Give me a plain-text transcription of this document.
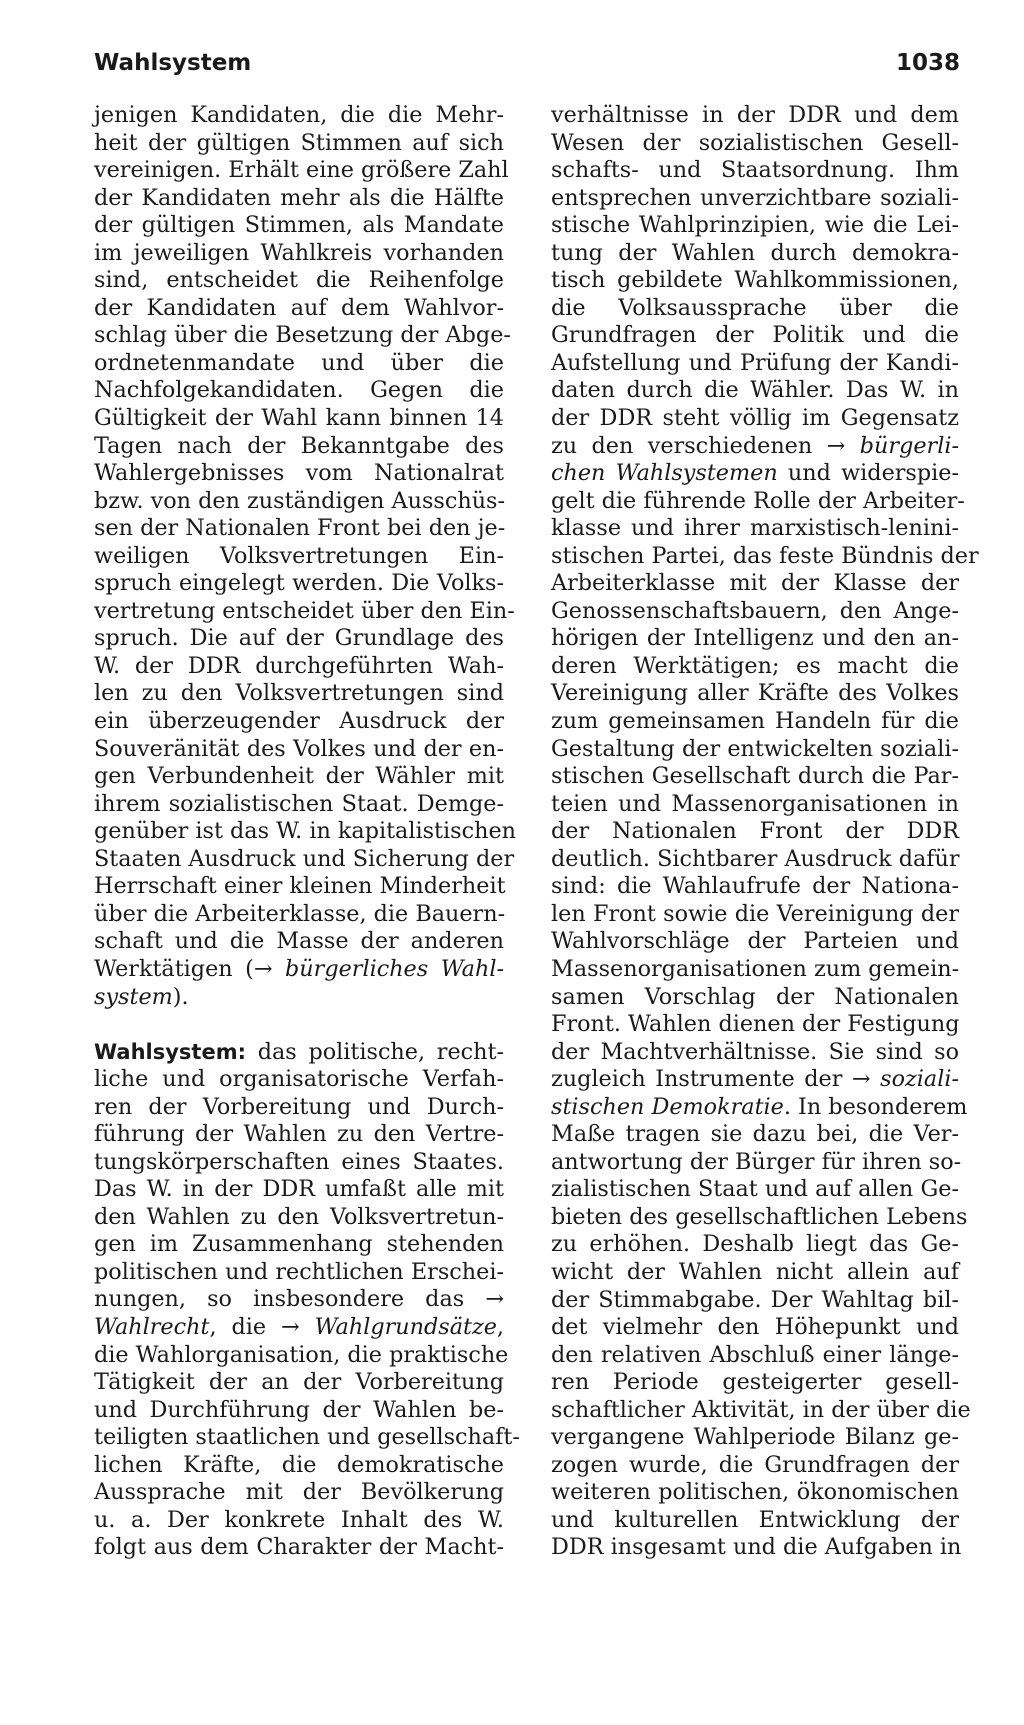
Wahlsystem	1038
jenigen Kandidaten, die die Mehr-
heit der gültigen Stimmen auf sich
vereinigen. Erhält eine größere Zahl
der Kandidaten mehr als die Hälfte
der gültigen Stimmen, als Mandate
im jeweiligen Wahlkreis vorhanden
sind, entscheidet die Reihenfolge
der Kandidaten auf dem Wahlvor-
schlag über die Besetzung der Abge-
ordnetenmandate und über die
Nachfolgekandidaten. Gegen die
Gültigkeit der Wahl kann binnen 14
Tagen nach der Bekanntgabe des
Wahlergebnisses vom Nationalrat
bzw. von den zuständigen Ausschüs-
sen der Nationalen Front bei den je-
weiligen Volksvertretungen Ein-
spruch eingelegt werden. Die Volks-
vertretung entscheidet über den Ein-
spruch. Die auf der Grundlage des
W. der DDR durchgeführten Wah-
len zu den Volksvertretungen sind
ein überzeugender Ausdruck der
Souveränität des Volkes und der en-
gen Verbundenheit der Wähler mit
ihrem sozialistischen Staat. Demge-
genüber ist das W. in kapitalistischen
Staaten Ausdruck und Sicherung der
Herrschaft einer kleinen Minderheit
über die Arbeiterklasse, die Bauern-
schaft und die Masse der anderen
Werktätigen (→ bürgerliches Wahl-
system).
Wahlsystem: das politische, recht-
liche und organisatorische Verfah-
ren der Vorbereitung und Durch-
führung der Wahlen zu den Vertre-
tungskörperschaften eines Staates.
Das W. in der DDR umfaßt alle mit
den Wahlen zu den Volksvertretun-
gen im Zusammenhang stehenden
politischen und rechtlichen Erschei-
nungen, so insbesondere das →
Wahlrecht, die → Wahlgrundsätze,
die Wahlorganisation, die praktische
Tätigkeit der an der Vorbereitung
und Durchführung der Wahlen be-
teiligten staatlichen und gesellschaft-
lichen Kräfte, die demokratische
Aussprache mit der Bevölkerung
u. a. Der konkrete Inhalt des W.
folgt aus dem Charakter der Macht-
verhältnisse in der DDR und dem
Wesen der sozialistischen Gesell-
schafts- und Staatsordnung. Ihm
entsprechen unverzichtbare soziali-
stische Wahlprinzipien, wie die Lei-
tung der Wahlen durch demokra-
tisch gebildete Wahlkommissionen,
die Volksaussprache über die
Grundfragen der Politik und die
Aufstellung und Prüfung der Kandi-
daten durch die Wähler. Das W. in
der DDR steht völlig im Gegensatz
zu den verschiedenen → bürgerli-
chen Wahlsystemen und widerspie-
gelt die führende Rolle der Arbeiter-
klasse und ihrer marxistisch-lenini-
stischen Partei, das feste Bündnis der
Arbeiterklasse mit der Klasse der
Genossenschaftsbauern, den Ange-
hörigen der Intelligenz und den an-
deren Werktätigen; es macht die
Vereinigung aller Kräfte des Volkes
zum gemeinsamen Handeln für die
Gestaltung der entwickelten soziali-
stischen Gesellschaft durch die Par-
teien und Massenorganisationen in
der Nationalen Front der DDR
deutlich. Sichtbarer Ausdruck dafür
sind: die Wahlaufrufe der Nationa-
len Front sowie die Vereinigung der
Wahlvorschläge der Parteien und
Massenorganisationen zum gemein-
samen Vorschlag der Nationalen
Front. Wahlen dienen der Festigung
der Machtverhältnisse. Sie sind so
zugleich Instrumente der → soziali-
stischen Demokratie. In besonderem
Maße tragen sie dazu bei, die Ver-
antwortung der Bürger für ihren so-
zialistischen Staat und auf allen Ge-
bieten des gesellschaftlichen Lebens
zu erhöhen. Deshalb liegt das Ge-
wicht der Wahlen nicht allein auf
der Stimmabgabe. Der Wahltag bil-
det vielmehr den Höhepunkt und
den relativen Abschluß einer länge-
ren Periode gesteigerter gesell-
schaftlicher Aktivität, in der über die
vergangene Wahlperiode Bilanz ge-
zogen wurde, die Grundfragen der
weiteren politischen, ökonomischen
und kulturellen Entwicklung der
DDR insgesamt und die Aufgaben in
